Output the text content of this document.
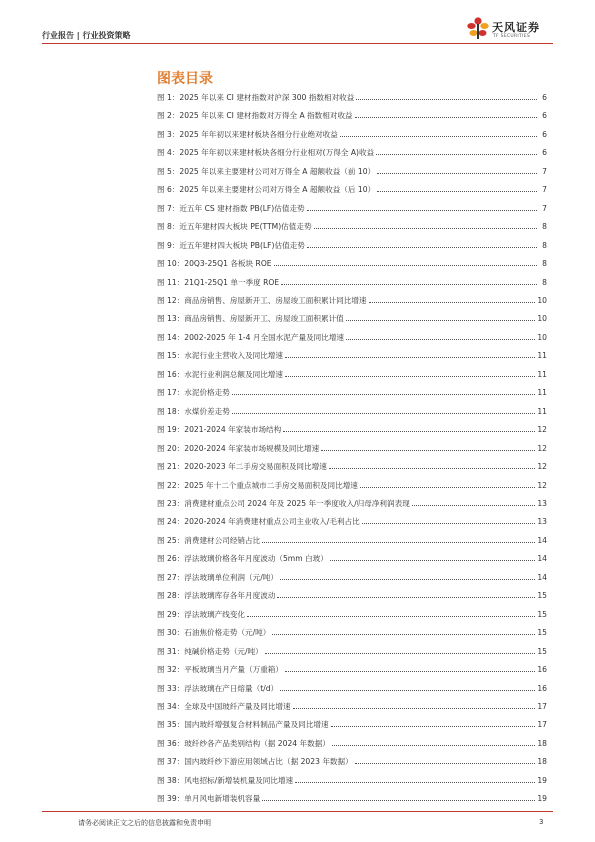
行业报告 | 行业投资策略
天风证券
TF SECURITIES
图表目录
图 1：2025 年以来 CI 建材指数对沪深 300 指数相对收益	6
图 2：2025 年以来 CI 建材指数对万得全 A 指数相对收益	6
图 3：2025 年年初以来建材板块各细分行业绝对收益	6
图 4：2025 年年初以来建材板块各细分行业相对(万得全 A)收益	6
图 5：2025 年以来主要建材公司对万得全 A 超额收益（前 10）	7
图 6：2025 年以来主要建材公司对万得全 A 超额收益（后 10）	7
图 7：近五年 CS 建材指数 PB(LF)估值走势	7
图 8：近五年建材四大板块 PE(TTM)估值走势	8
图 9：近五年建材四大板块 PB(LF)估值走势	8
图 10：20Q3-25Q1 各板块 ROE	8
图 11：21Q1-25Q1 单一季度 ROE	8
图 12：商品房销售、房屋新开工、房屋竣工面积累计同比增速	10
图 13：商品房销售、房屋新开工、房屋竣工面积累计值	10
图 14：2002-2025 年 1-4 月全国水泥产量及同比增速	10
图 15：水泥行业主营收入及同比增速	11
图 16：水泥行业利润总额及同比增速	11
图 17：水泥价格走势	11
图 18：水煤价差走势	11
图 19：2021-2024 年家装市场结构	12
图 20：2020-2024 年家装市场规模及同比增速	12
图 21：2020-2023 年二手房交易面积及同比增速	12
图 22：2025 年十二个重点城市二手房交易面积及同比增速	12
图 23：消费建材重点公司 2024 年及 2025 年一季度收入/归母净利润表现	13
图 24：2020-2024 年消费建材重点公司主业收入/毛利占比	13
图 25：消费建材公司经销占比	14
图 26：浮法玻璃价格各年月度波动（5mm 白玻）	14
图 27：浮法玻璃单位利润（元/吨）	14
图 28：浮法玻璃库存各年月度波动	15
图 29：浮法玻璃产线变化	15
图 30：石油焦价格走势（元/吨）	15
图 31：纯碱价格走势（元/吨）	15
图 32：平板玻璃当月产量（万重箱）	16
图 33：浮法玻璃在产日熔量（t/d）	16
图 34：全球及中国玻纤产量及同比增速	17
图 35：国内玻纤增强复合材料制品产量及同比增速	17
图 36：玻纤纱各产品类别结构（据 2024 年数据）	18
图 37：国内玻纤纱下游应用领域占比（据 2023 年数据）	18
图 38：风电招标/新增装机量及同比增速	19
图 39：单月风电新增装机容量	19
请务必阅读正文之后的信息披露和免责申明	3
